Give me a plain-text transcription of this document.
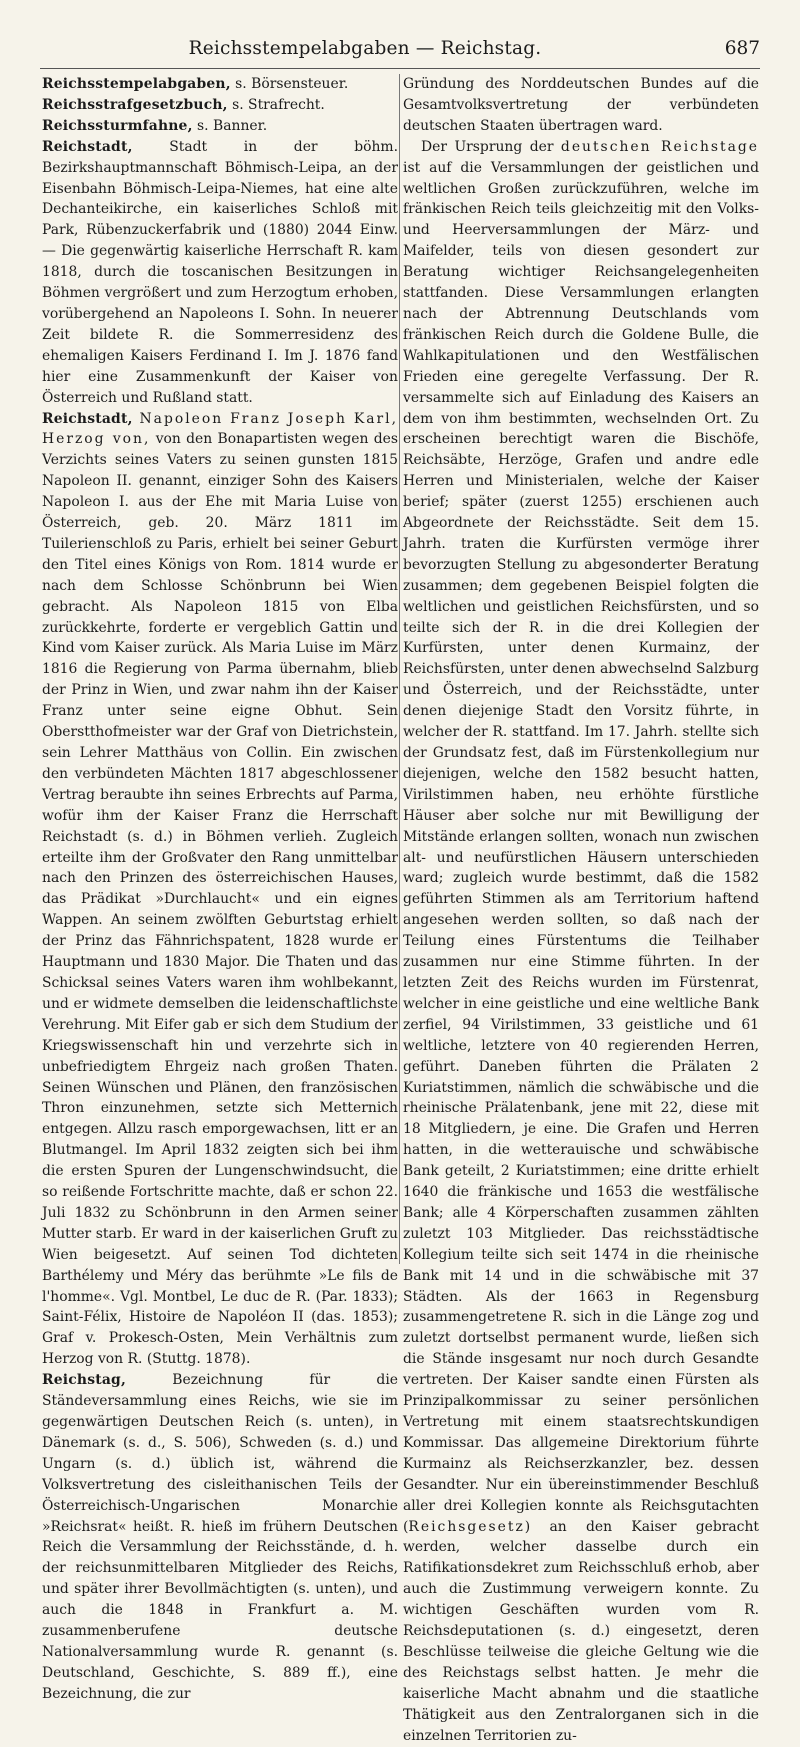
Reichsstempelabgaben — Reichstag.	687

Reichsstempelabgaben, s. Börsensteuer.

Reichsstrafgesetzbuch, s. Strafrecht.

Reichssturmfahne, s. Banner.

Reichstadt, Stadt in der böhm. Bezirkshauptmannschaft Böhmisch-Leipa, an der Eisenbahn Böhmisch-Leipa-Niemes, hat eine alte Dechanteikirche, ein kaiserliches Schloß mit Park, Rübenzuckerfabrik und (1880) 2044 Einw. — Die gegenwärtig kaiserliche Herrschaft R. kam 1818, durch die toscanischen Besitzungen in Böhmen vergrößert und zum Herzogtum erhoben, vorübergehend an Napoleons I. Sohn. In neuerer Zeit bildete R. die Sommerresidenz des ehemaligen Kaisers Ferdinand I. Im J. 1876 fand hier eine Zusammenkunft der Kaiser von Österreich und Rußland statt.

Reichstadt, Napoleon Franz Joseph Karl, Herzog von, von den Bonapartisten wegen des Verzichts seines Vaters zu seinen gunsten 1815 Napoleon II. genannt, einziger Sohn des Kaisers Napoleon I. aus der Ehe mit Maria Luise von Österreich, geb. 20. März 1811 im Tuilerienschloß zu Paris, erhielt bei seiner Geburt den Titel eines Königs von Rom. 1814 wurde er nach dem Schlosse Schönbrunn bei Wien gebracht. Als Napoleon 1815 von Elba zurückkehrte, forderte er vergeblich Gattin und Kind vom Kaiser zurück. Als Maria Luise im März 1816 die Regierung von Parma übernahm, blieb der Prinz in Wien, und zwar nahm ihn der Kaiser Franz unter seine eigne Obhut. Sein Oberstthofmeister war der Graf von Dietrichstein, sein Lehrer Matthäus von Collin. Ein zwischen den verbündeten Mächten 1817 abgeschlossener Vertrag beraubte ihn seines Erbrechts auf Parma, wofür ihm der Kaiser Franz die Herrschaft Reichstadt (s. d.) in Böhmen verlieh. Zugleich erteilte ihm der Großvater den Rang unmittelbar nach den Prinzen des österreichischen Hauses, das Prädikat »Durchlaucht« und ein eignes Wappen. An seinem zwölften Geburtstag erhielt der Prinz das Fähnrichspatent, 1828 wurde er Hauptmann und 1830 Major. Die Thaten und das Schicksal seines Vaters waren ihm wohlbekannt, und er widmete demselben die leidenschaftlichste Verehrung. Mit Eifer gab er sich dem Studium der Kriegswissenschaft hin und verzehrte sich in unbefriedigtem Ehrgeiz nach großen Thaten. Seinen Wünschen und Plänen, den französischen Thron einzunehmen, setzte sich Metternich entgegen. Allzu rasch emporgewachsen, litt er an Blutmangel. Im April 1832 zeigten sich bei ihm die ersten Spuren der Lungenschwindsucht, die so reißende Fortschritte machte, daß er schon 22. Juli 1832 zu Schönbrunn in den Armen seiner Mutter starb. Er ward in der kaiserlichen Gruft zu Wien beigesetzt. Auf seinen Tod dichteten Barthélemy und Méry das berühmte »Le fils de l'homme«. Vgl. Montbel, Le duc de R. (Par. 1833); Saint-Félix, Histoire de Napoléon II (das. 1853); Graf v. Prokesch-Osten, Mein Verhältnis zum Herzog von R. (Stuttg. 1878).

Reichstag, Bezeichnung für die Ständeversammlung eines Reichs, wie sie im gegenwärtigen Deutschen Reich (s. unten), in Dänemark (s. d., S. 506), Schweden (s. d.) und Ungarn (s. d.) üblich ist, während die Volksvertretung des cisleithanischen Teils der Österreichisch-Ungarischen Monarchie »Reichsrat« heißt. R. hieß im frühern Deutschen Reich die Versammlung der Reichsstände, d. h. der reichsunmittelbaren Mitglieder des Reichs, und später ihrer Bevollmächtigten (s. unten), und auch die 1848 in Frankfurt a. M. zusammenberufene deutsche Nationalversammlung wurde R. genannt (s. Deutschland, Geschichte, S. 889 ff.), eine Bezeichnung, die zur

Gründung des Norddeutschen Bundes auf die Gesamtvolksvertretung der verbündeten deutschen Staaten übertragen ward.

Der Ursprung der deutschen Reichstage ist auf die Versammlungen der geistlichen und weltlichen Großen zurückzuführen, welche im fränkischen Reich teils gleichzeitig mit den Volks- und Heerversammlungen der März- und Maifelder, teils von diesen gesondert zur Beratung wichtiger Reichsangelegenheiten stattfanden. Diese Versammlungen erlangten nach der Abtrennung Deutschlands vom fränkischen Reich durch die Goldene Bulle, die Wahlkapitulationen und den Westfälischen Frieden eine geregelte Verfassung. Der R. versammelte sich auf Einladung des Kaisers an dem von ihm bestimmten, wechselnden Ort. Zu erscheinen berechtigt waren die Bischöfe, Reichsäbte, Herzöge, Grafen und andre edle Herren und Ministerialen, welche der Kaiser berief; später (zuerst 1255) erschienen auch Abgeordnete der Reichsstädte. Seit dem 15. Jahrh. traten die Kurfürsten vermöge ihrer bevorzugten Stellung zu abgesonderter Beratung zusammen; dem gegebenen Beispiel folgten die weltlichen und geistlichen Reichsfürsten, und so teilte sich der R. in die drei Kollegien der Kurfürsten, unter denen Kurmainz, der Reichsfürsten, unter denen abwechselnd Salzburg und Österreich, und der Reichsstädte, unter denen diejenige Stadt den Vorsitz führte, in welcher der R. stattfand. Im 17. Jahrh. stellte sich der Grundsatz fest, daß im Fürstenkollegium nur diejenigen, welche den 1582 besucht hatten, Virilstimmen haben, neu erhöhte fürstliche Häuser aber solche nur mit Bewilligung der Mitstände erlangen sollten, wonach nun zwischen alt- und neufürstlichen Häusern unterschieden ward; zugleich wurde bestimmt, daß die 1582 geführten Stimmen als am Territorium haftend angesehen werden sollten, so daß nach der Teilung eines Fürstentums die Teilhaber zusammen nur eine Stimme führten. In der letzten Zeit des Reichs wurden im Fürstenrat, welcher in eine geistliche und eine weltliche Bank zerfiel, 94 Virilstimmen, 33 geistliche und 61 weltliche, letztere von 40 regierenden Herren, geführt. Daneben führten die Prälaten 2 Kuriatstimmen, nämlich die schwäbische und die rheinische Prälatenbank, jene mit 22, diese mit 18 Mitgliedern, je eine. Die Grafen und Herren hatten, in die wetterauische und schwäbische Bank geteilt, 2 Kuriatstimmen; eine dritte erhielt 1640 die fränkische und 1653 die westfälische Bank; alle 4 Körperschaften zusammen zählten zuletzt 103 Mitglieder. Das reichsstädtische Kollegium teilte sich seit 1474 in die rheinische Bank mit 14 und in die schwäbische mit 37 Städten. Als der 1663 in Regensburg zusammengetretene R. sich in die Länge zog und zuletzt dortselbst permanent wurde, ließen sich die Stände insgesamt nur noch durch Gesandte vertreten. Der Kaiser sandte einen Fürsten als Prinzipalkommissar zu seiner persönlichen Vertretung mit einem staatsrechtskundigen Kommissar. Das allgemeine Direktorium führte Kurmainz als Reichserzkanzler, bez. dessen Gesandter. Nur ein übereinstimmender Beschluß aller drei Kollegien konnte als Reichsgutachten (Reichsgesetz) an den Kaiser gebracht werden, welcher dasselbe durch ein Ratifikationsdekret zum Reichsschluß erhob, aber auch die Zustimmung verweigern konnte. Zu wichtigen Geschäften wurden vom R. Reichsdeputationen (s. d.) eingesetzt, deren Beschlüsse teilweise die gleiche Geltung wie die des Reichstags selbst hatten. Je mehr die kaiserliche Macht abnahm und die staatliche Thätigkeit aus den Zentralorganen sich in die einzelnen Territorien zu-
